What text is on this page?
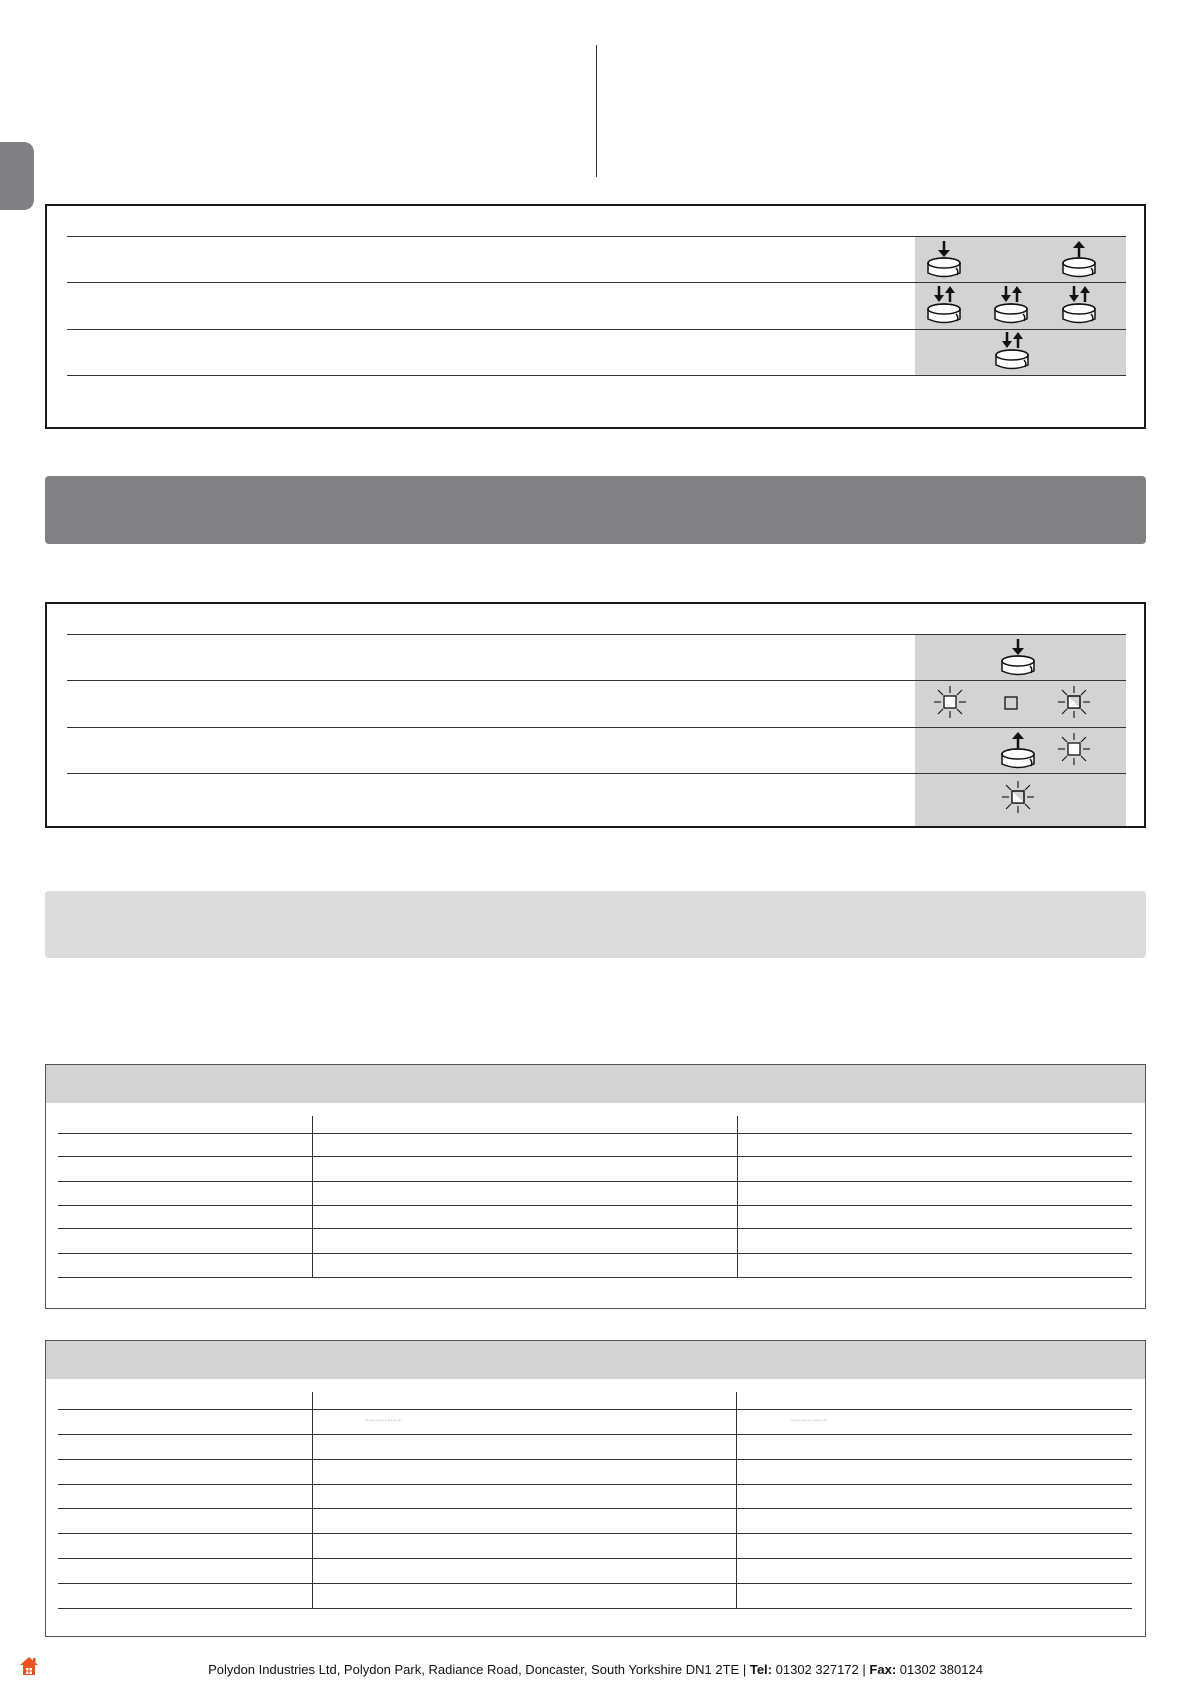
•••••••••••• ••••• •••	•••••••••••• ••••• •••
Polydon Industries Ltd, Polydon Park, Radiance Road, Doncaster, South Yorkshire DN1 2TE | Tel: 01302 327172 | Fax: 01302 380124
